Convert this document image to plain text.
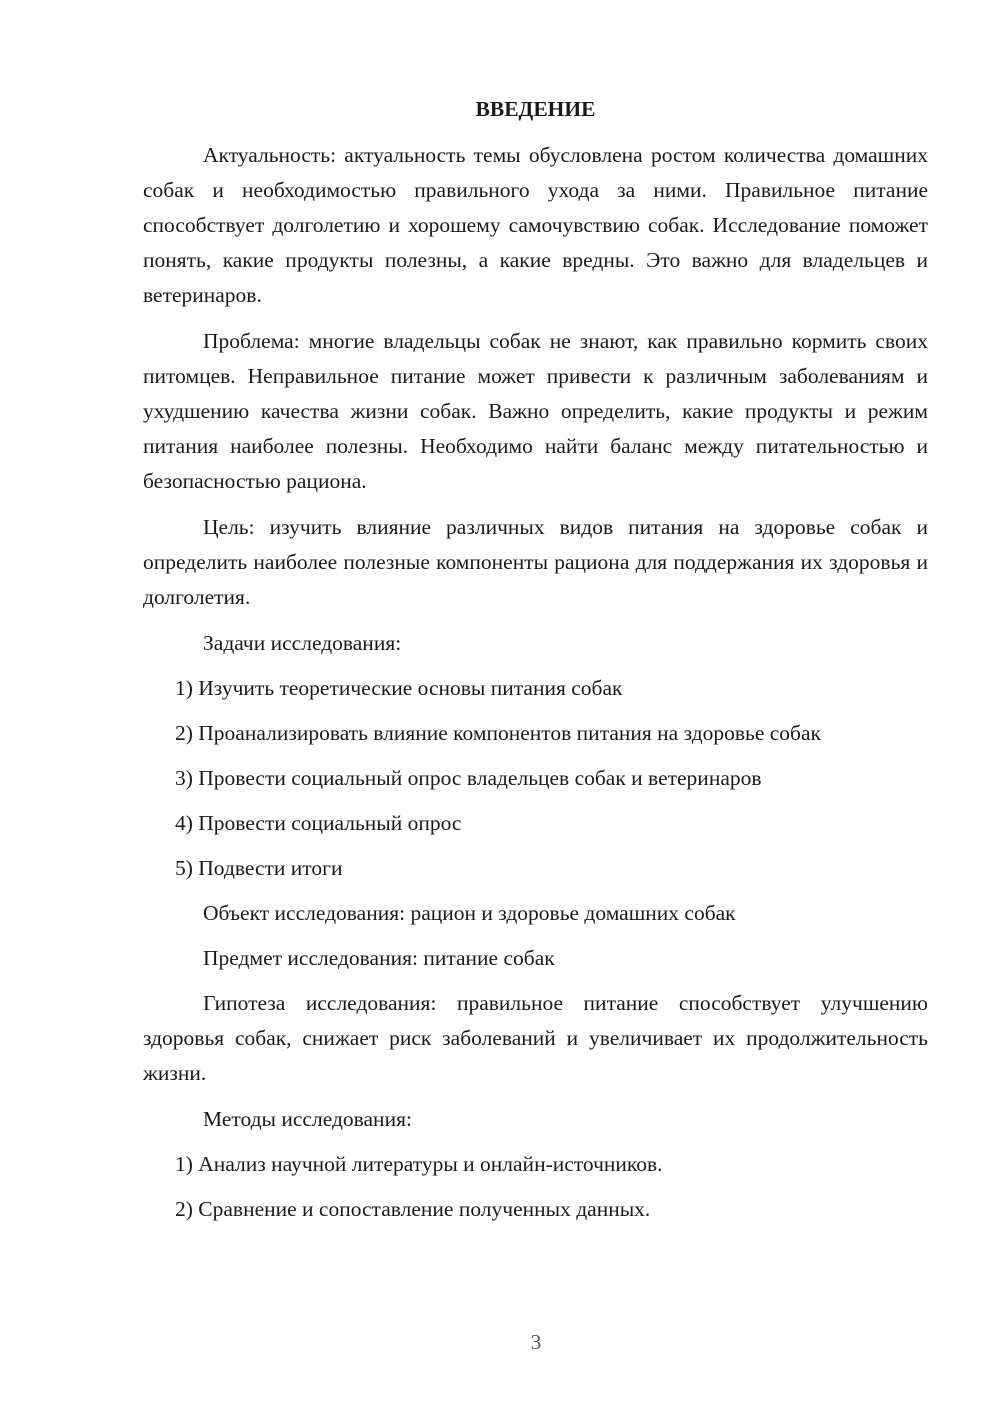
ВВЕДЕНИЕ

Актуальность: актуальность темы обусловлена ростом количества домашних собак и необходимостью правильного ухода за ними. Правильное питание способствует долголетию и хорошему самочувствию собак. Исследование поможет понять, какие продукты полезны, а какие вредны. Это важно для владельцев и ветеринаров.

Проблема: многие владельцы собак не знают, как правильно кормить своих питомцев. Неправильное питание может привести к различным заболеваниям и ухудшению качества жизни собак. Важно определить, какие продукты и режим питания наиболее полезны. Необходимо найти баланс между питательностью и безопасностью рациона.

Цель: изучить влияние различных видов питания на здоровье собак и определить наиболее полезные компоненты рациона для поддержания их здоровья и долголетия.

Задачи исследования:

1) Изучить теоретические основы питания собак

2) Проанализировать влияние компонентов питания на здоровье собак

3) Провести социальный опрос владельцев собак и ветеринаров

4) Провести социальный опрос

5) Подвести итоги

Объект исследования: рацион и здоровье домашних собак

Предмет исследования: питание собак

Гипотеза исследования: правильное питание способствует улучшению здоровья собак, снижает риск заболеваний и увеличивает их продолжительность жизни.

Методы исследования:

1) Анализ научной литературы и онлайн-источников.

2) Сравнение и сопоставление полученных данных.

3
